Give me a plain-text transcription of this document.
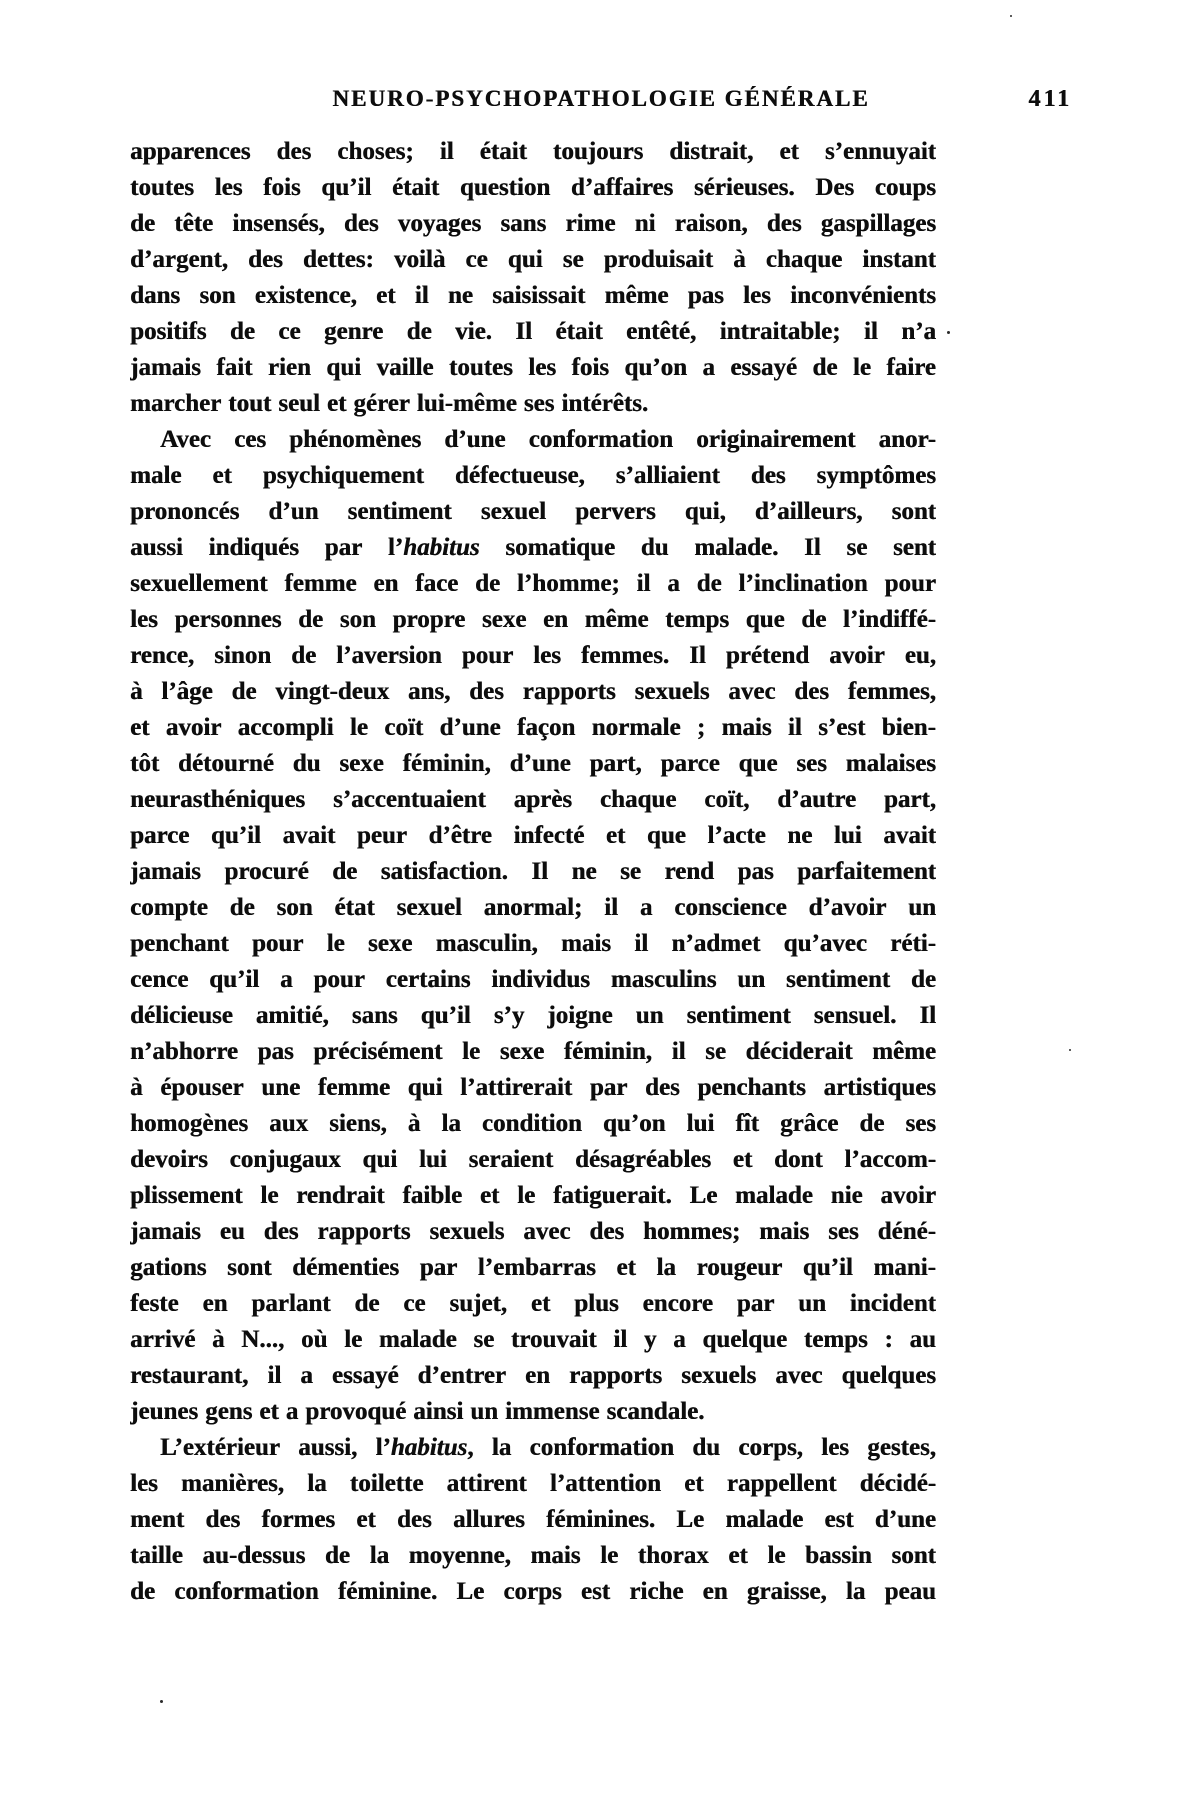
NEURO-PSYCHOPATHOLOGIE GÉNÉRALE	411
apparences des choses; il était toujours distrait, et s’ennuyait
toutes les fois qu’il était question d’affaires sérieuses. Des coups
de tête insensés, des voyages sans rime ni raison, des gaspillages
d’argent, des dettes: voilà ce qui se produisait à chaque instant
dans son existence, et il ne saisissait même pas les inconvénients
positifs de ce genre de vie. Il était entêté, intraitable; il n’a
jamais fait rien qui vaille toutes les fois qu’on a essayé de le faire
marcher tout seul et gérer lui-même ses intérêts.
Avec ces phénomènes d’une conformation originairement anor-
male et psychiquement défectueuse, s’alliaient des symptômes
prononcés d’un sentiment sexuel pervers qui, d’ailleurs, sont
aussi indiqués par l’habitus somatique du malade. Il se sent
sexuellement femme en face de l’homme; il a de l’inclination pour
les personnes de son propre sexe en même temps que de l’indiffé-
rence, sinon de l’aversion pour les femmes. Il prétend avoir eu,
à l’âge de vingt-deux ans, des rapports sexuels avec des femmes,
et avoir accompli le coït d’une façon normale ; mais il s’est bien-
tôt détourné du sexe féminin, d’une part, parce que ses malaises
neurasthéniques s’accentuaient après chaque coït, d’autre part,
parce qu’il avait peur d’être infecté et que l’acte ne lui avait
jamais procuré de satisfaction. Il ne se rend pas parfaitement
compte de son état sexuel anormal; il a conscience d’avoir un
penchant pour le sexe masculin, mais il n’admet qu’avec réti-
cence qu’il a pour certains individus masculins un sentiment de
délicieuse amitié, sans qu’il s’y joigne un sentiment sensuel. Il
n’abhorre pas précisément le sexe féminin, il se déciderait même
à épouser une femme qui l’attirerait par des penchants artistiques
homogènes aux siens, à la condition qu’on lui fît grâce de ses
devoirs conjugaux qui lui seraient désagréables et dont l’accom-
plissement le rendrait faible et le fatiguerait. Le malade nie avoir
jamais eu des rapports sexuels avec des hommes; mais ses déné-
gations sont démenties par l’embarras et la rougeur qu’il mani-
feste en parlant de ce sujet, et plus encore par un incident
arrivé à N..., où le malade se trouvait il y a quelque temps : au
restaurant, il a essayé d’entrer en rapports sexuels avec quelques
jeunes gens et a provoqué ainsi un immense scandale.
L’extérieur aussi, l’habitus, la conformation du corps, les gestes,
les manières, la toilette attirent l’attention et rappellent décidé-
ment des formes et des allures féminines. Le malade est d’une
taille au-dessus de la moyenne, mais le thorax et le bassin sont
de conformation féminine. Le corps est riche en graisse, la peau
